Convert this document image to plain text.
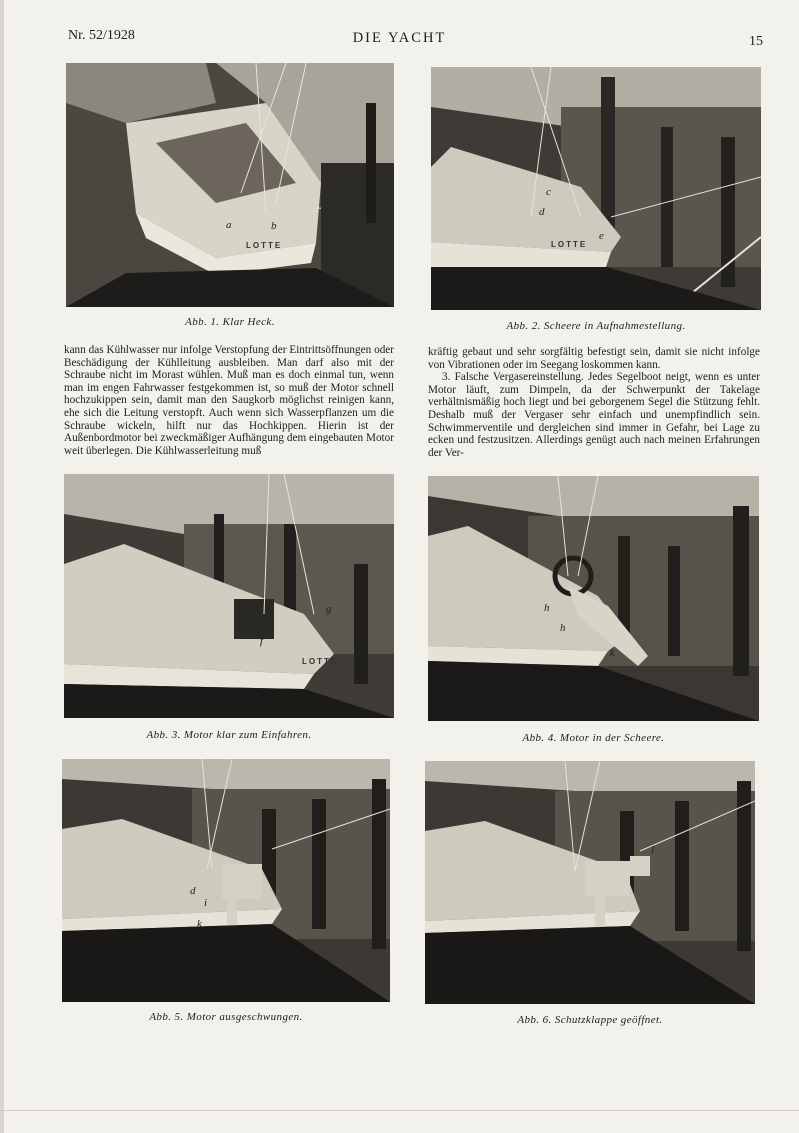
Nr. 52/1928	DIE YACHT	15
a	b
LOTTE
Abb. 1. Klar Heck.
c
d
e
LOTTE
Abb. 2. Scheere in Aufnahmestellung.

kann das Kühlwasser nur infolge Verstopfung der Eintrittsöffnungen oder Beschädigung der Kühlleitung ausbleiben. Man darf also mit der Schraube nicht im Morast wühlen. Muß man es doch einmal tun, wenn man im engen Fahrwasser festgekommen ist, so muß der Motor schnell hochzukippen sein, damit man den Saugkorb möglichst reinigen kann, ehe sich die Leitung verstopft. Auch wenn sich Wasserpflanzen um die Schraube wickeln, hilft nur das Hochkippen. Hierin ist der Außenbordmotor bei zweckmäßiger Aufhängung dem eingebauten Motor weit überlegen. Die Kühlwasserleitung muß

kräftig gebaut und sehr sorgfältig befestigt sein, damit sie nicht infolge von Vibrationen oder im Seegang loskommen kann.

3. Falsche Vergasereinstellung. Jedes Segelboot neigt, wenn es unter Motor läuft, zum Dimpeln, da der Schwerpunkt der Takelage verhältnismäßig hoch liegt und bei geborgenem Segel die Stützung fehlt. Deshalb muß der Vergaser sehr einfach und unempfindlich sein. Schwimmerventile und dergleichen sind immer in Gefahr, bei Lage zu ecken und festzusitzen. Allerdings genügt auch nach meinen Erfahrungen der Ver-

f
g
LOTTE
Abb. 3. Motor klar zum Einfahren.
h
h
k
Abb. 4. Motor in der Scheere.
d
i
k
Abb. 5. Motor ausgeschwungen.
l
Abb. 6. Schutzklappe geöffnet.
